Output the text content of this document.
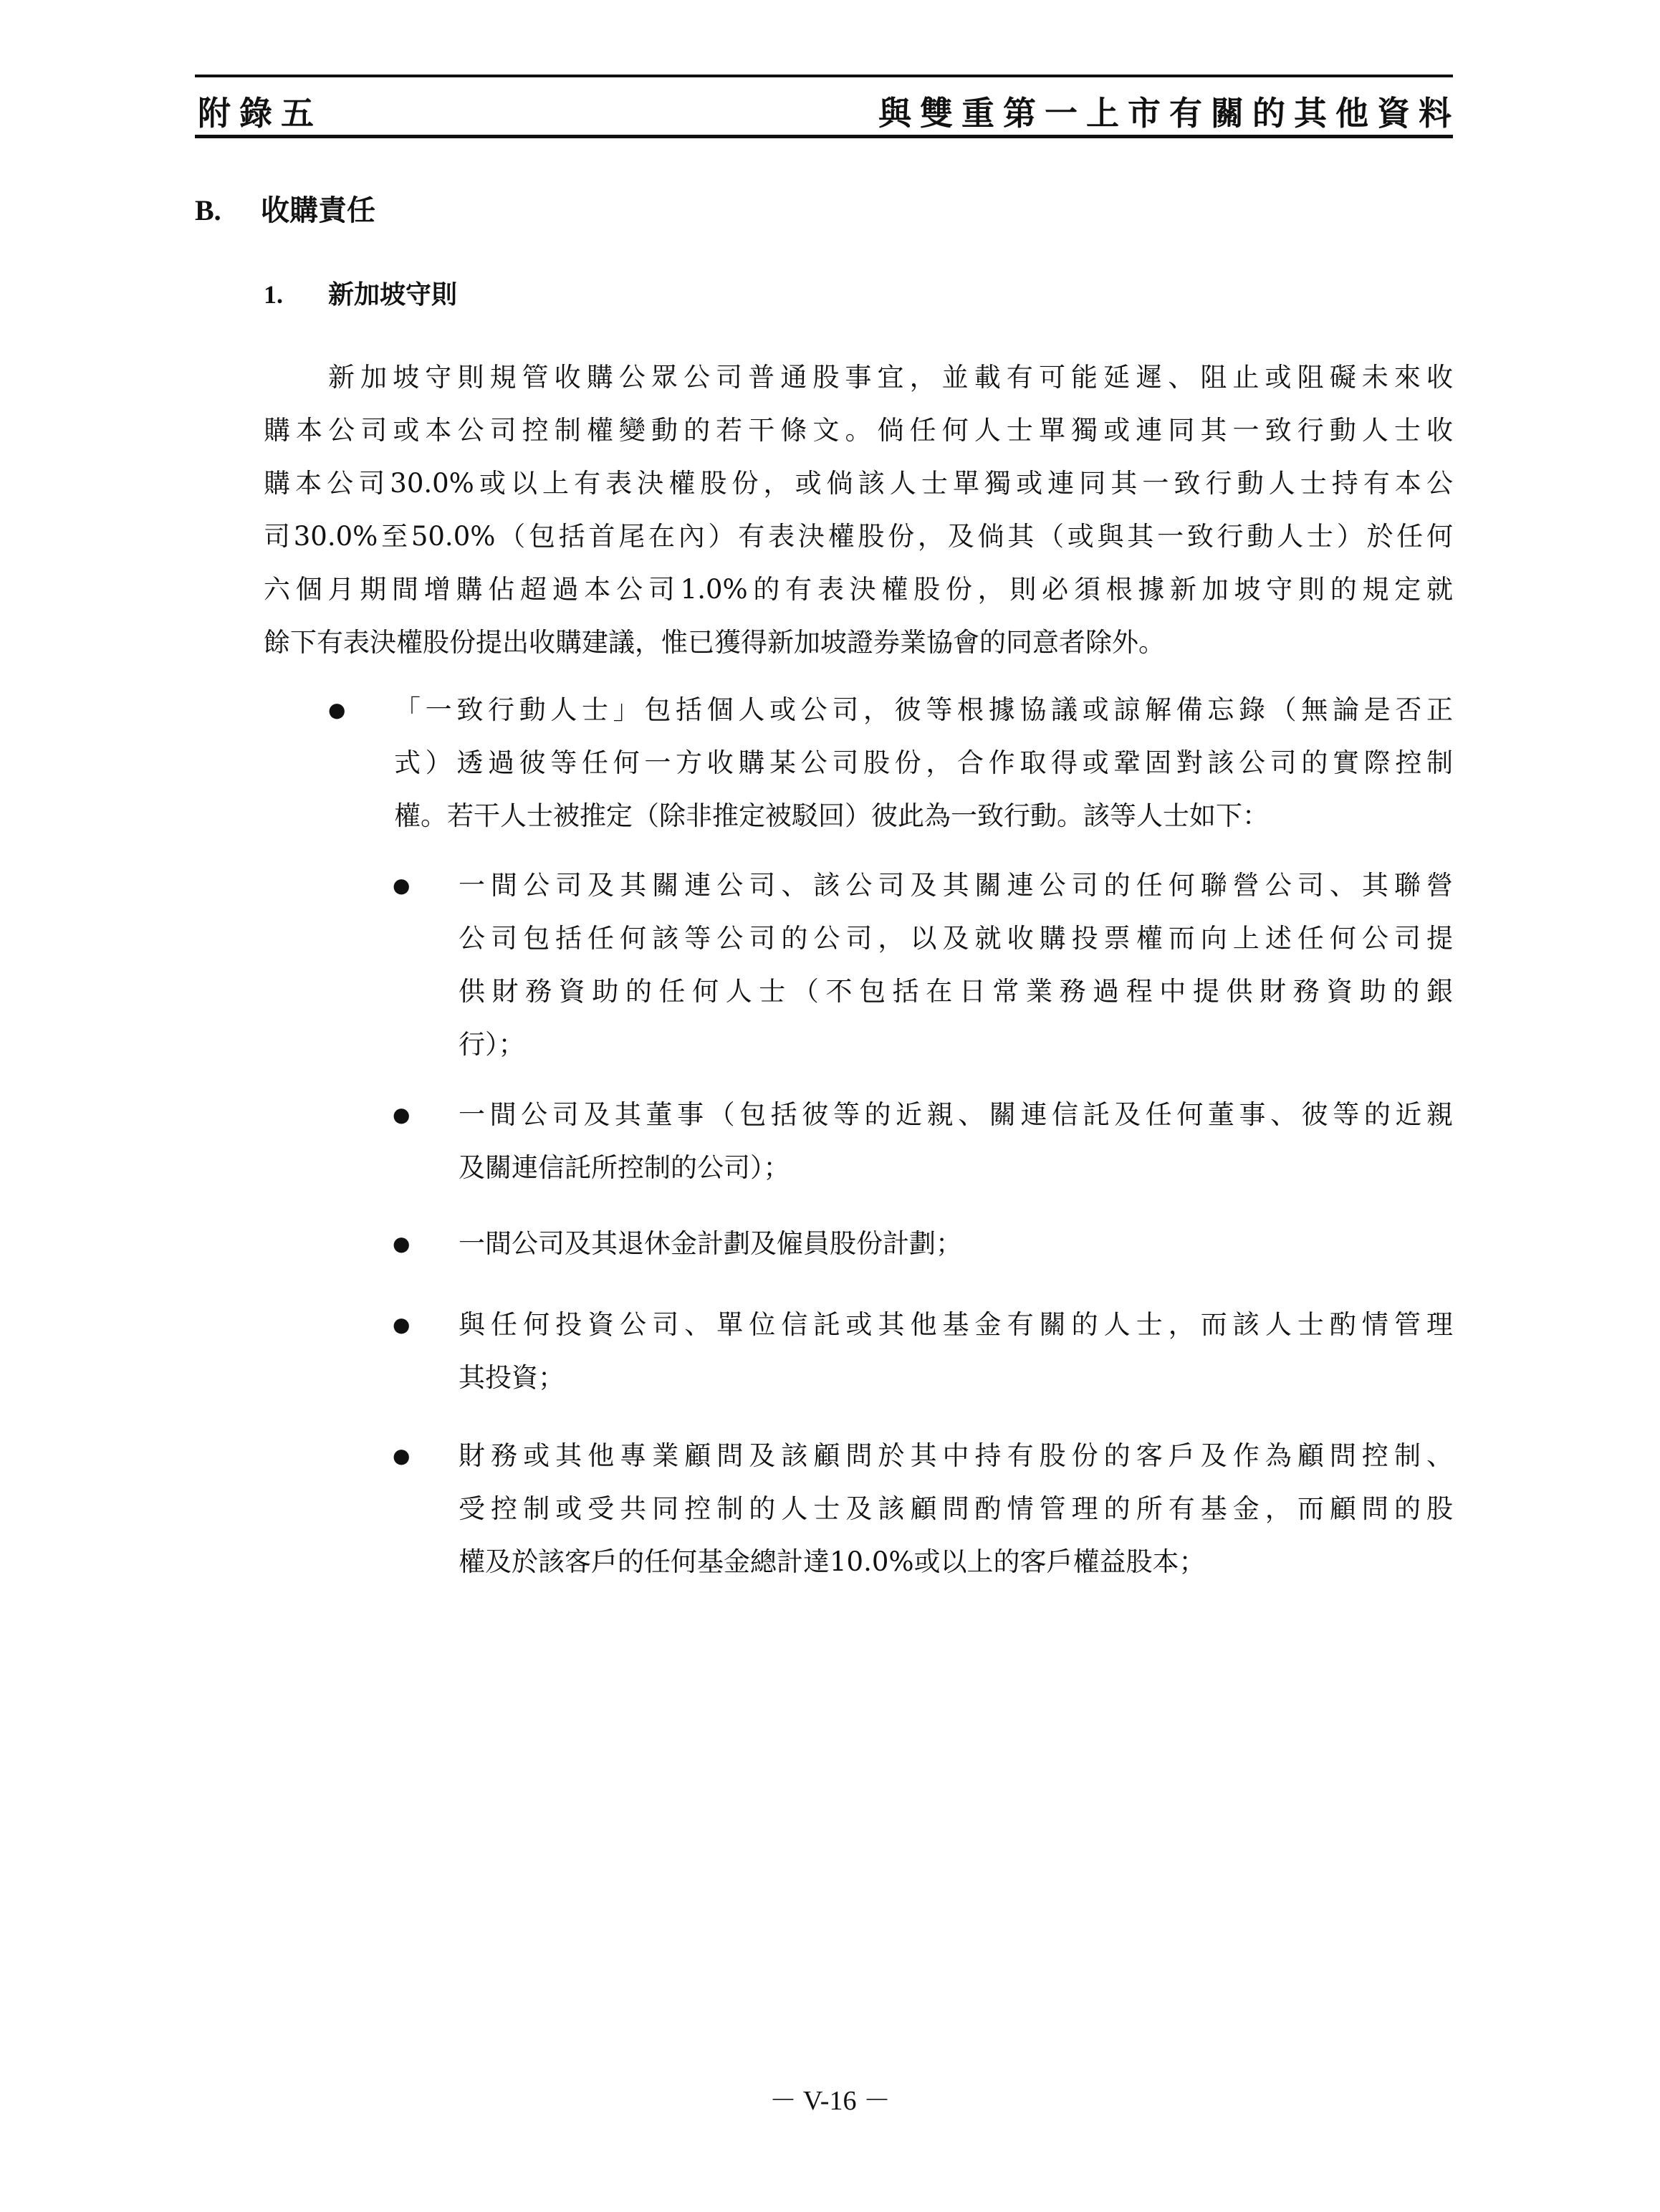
附錄五	與雙重第一上市有關的其他資料
B. 收購責任
1. 新加坡守則
新加坡守則規管收購公眾公司普通股事宜，並載有可能延遲、阻止或阻礙未來收
購本公司或本公司控制權變動的若干條文。倘任何人士單獨或連同其一致行動人士收
購本公司30.0%或以上有表決權股份，或倘該人士單獨或連同其一致行動人士持有本公
司30.0%至50.0%（包括首尾在內）有表決權股份，及倘其（或與其一致行動人士）於任何
六個月期間增購佔超過本公司1.0%的有表決權股份，則必須根據新加坡守則的規定就
餘下有表決權股份提出收購建議，惟已獲得新加坡證券業協會的同意者除外。
● 「一致行動人士」包括個人或公司，彼等根據協議或諒解備忘錄（無論是否正
式）透過彼等任何一方收購某公司股份，合作取得或鞏固對該公司的實際控制
權。若干人士被推定（除非推定被駁回）彼此為一致行動。該等人士如下：
● 一間公司及其關連公司、該公司及其關連公司的任何聯營公司、其聯營
公司包括任何該等公司的公司，以及就收購投票權而向上述任何公司提
供財務資助的任何人士（不包括在日常業務過程中提供財務資助的銀
行）；
● 一間公司及其董事（包括彼等的近親、關連信託及任何董事、彼等的近親
及關連信託所控制的公司）；
● 一間公司及其退休金計劃及僱員股份計劃；
● 與任何投資公司、單位信託或其他基金有關的人士，而該人士酌情管理
其投資；
● 財務或其他專業顧問及該顧問於其中持有股份的客戶及作為顧問控制、
受控制或受共同控制的人士及該顧問酌情管理的所有基金，而顧問的股
權及於該客戶的任何基金總計達10.0%或以上的客戶權益股本；
－ V-16 －
